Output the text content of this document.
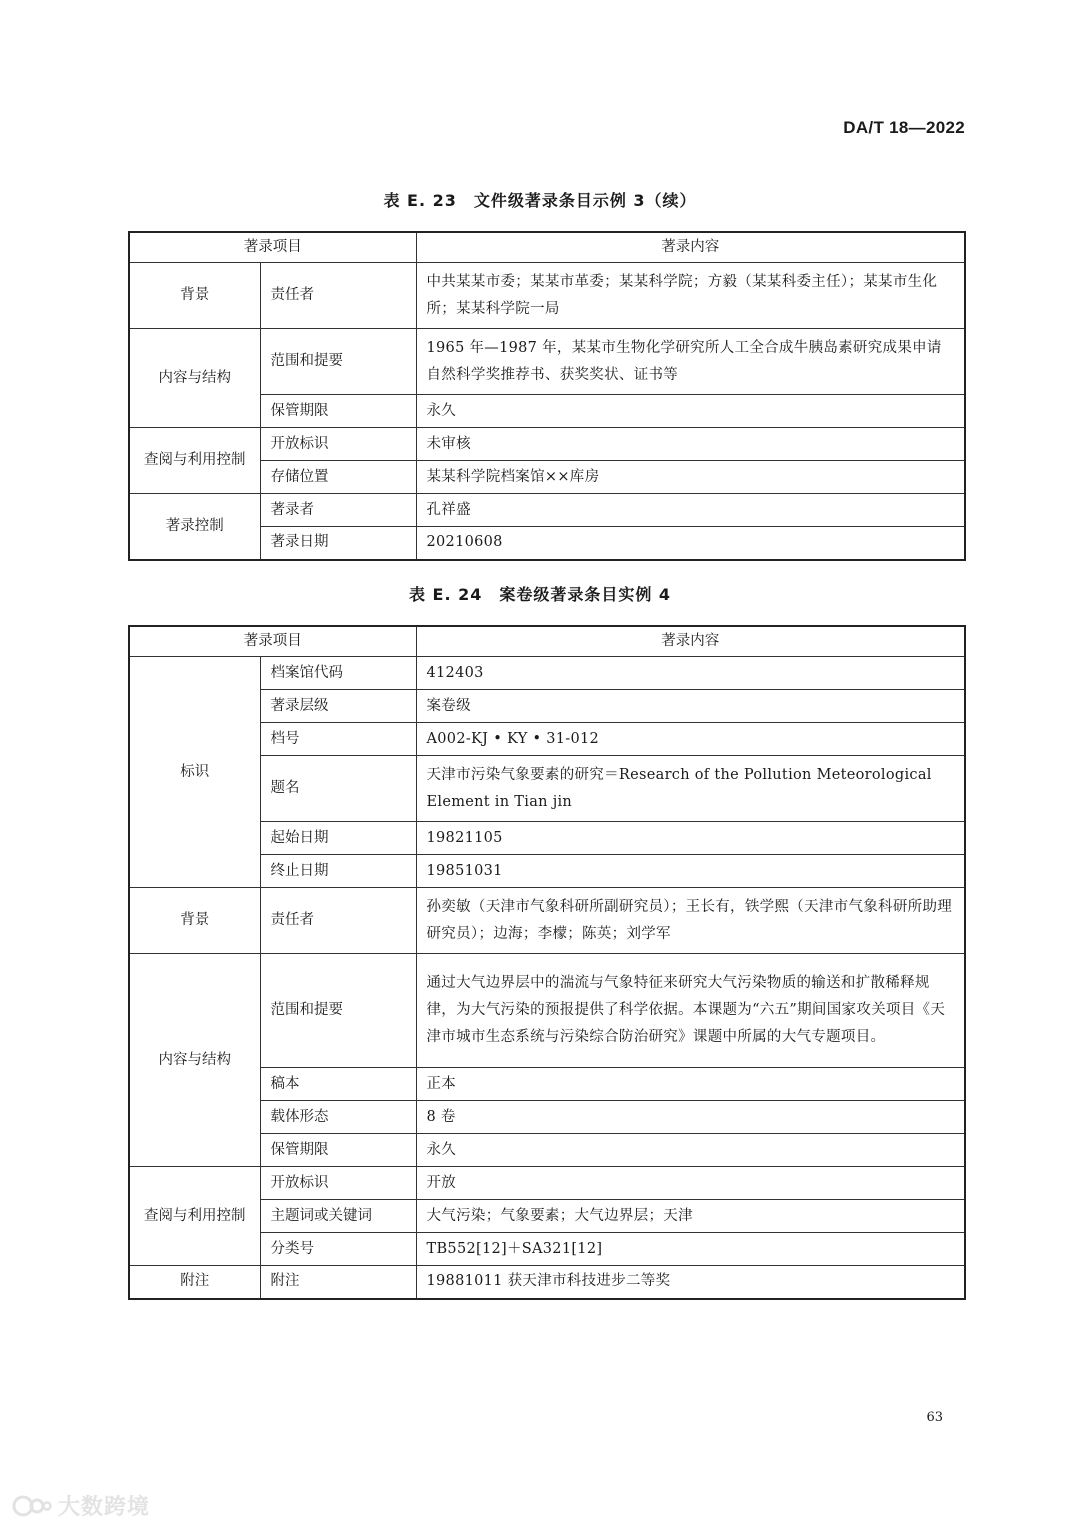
DA/T 18—2022
表 E. 23　文件级著录条目示例 3（续）
著录项目		著录内容
背景	责任者	中共某某市委；某某市革委；某某科学院；方毅（某某科委主任）；某某市生化所；某某科学院一局
内容与结构	范围和提要	1965 年—1987 年，某某市生物化学研究所人工全合成牛胰岛素研究成果申请自然科学奖推荐书、获奖奖状、证书等
	保管期限	永久
查阅与利用控制	开放标识	未审核
	存储位置	某某科学院档案馆××库房
著录控制	著录者	孔祥盛
	著录日期	20210608
表 E. 24　案卷级著录条目实例 4
著录项目		著录内容
标识	档案馆代码	412403
	著录层级	案卷级
	档号	A002-KJ • KY • 31-012
	题名	天津市污染气象要素的研究＝Research of the Pollution Meteorological Element in Tian jin
	起始日期	19821105
	终止日期	19851031
背景	责任者	孙奕敏（天津市气象科研所副研究员）；王长有，铁学熙（天津市气象科研所助理研究员）；边海；李檬；陈英；刘学军
内容与结构	范围和提要	通过大气边界层中的湍流与气象特征来研究大气污染物质的输送和扩散稀释规律，为大气污染的预报提供了科学依据。本课题为“六五”期间国家攻关项目《天津市城市生态系统与污染综合防治研究》课题中所属的大气专题项目。
	稿本	正本
	载体形态	8 卷
	保管期限	永久
查阅与利用控制	开放标识	开放
	主题词或关键词	大气污染；气象要素；大气边界层；天津
	分类号	TB552[12]＋SA321[12]
附注	附注	19881011 获天津市科技进步二等奖
63
大数跨境
